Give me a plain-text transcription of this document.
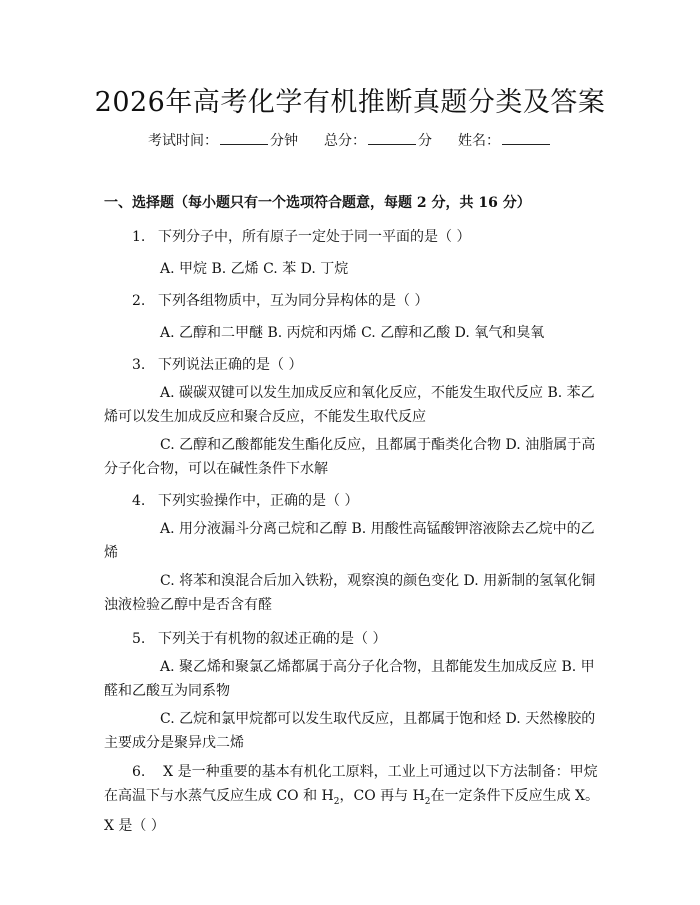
2026年高考化学有机推断真题分类及答案
考试时间：	分钟 总分：	分 姓名：
一、选择题（每小题只有一个选项符合题意，每题 2 分，共 16 分）
1. 下列分子中，所有原子一定处于同一平面的是（ ）
A. 甲烷 B. 乙烯 C. 苯 D. 丁烷
2. 下列各组物质中，互为同分异构体的是（ ）
A. 乙醇和二甲醚 B. 丙烷和丙烯 C. 乙醇和乙酸 D. 氧气和臭氧
3. 下列说法正确的是（ ）
A. 碳碳双键可以发生加成反应和氧化反应，不能发生取代反应 B. 苯乙烯可以发生加成反应和聚合反应，不能发生取代反应
C. 乙醇和乙酸都能发生酯化反应，且都属于酯类化合物 D. 油脂属于高分子化合物，可以在碱性条件下水解
4. 下列实验操作中，正确的是（ ）
A. 用分液漏斗分离己烷和乙醇 B. 用酸性高锰酸钾溶液除去乙烷中的乙烯
C. 将苯和溴混合后加入铁粉，观察溴的颜色变化 D. 用新制的氢氧化铜浊液检验乙醇中是否含有醛
5. 下列关于有机物的叙述正确的是（ ）
A. 聚乙烯和聚氯乙烯都属于高分子化合物，且都能发生加成反应 B. 甲醛和乙酸互为同系物
C. 乙烷和氯甲烷都可以发生取代反应，且都属于饱和烃 D. 天然橡胶的主要成分是聚异戊二烯
6. X 是一种重要的基本有机化工原料，工业上可通过以下方法制备：甲烷在高温下与水蒸气反应生成 CO 和 $H_2$，CO 再与 $H_2$在一定条件下反应生成 X。X 是（ ）
